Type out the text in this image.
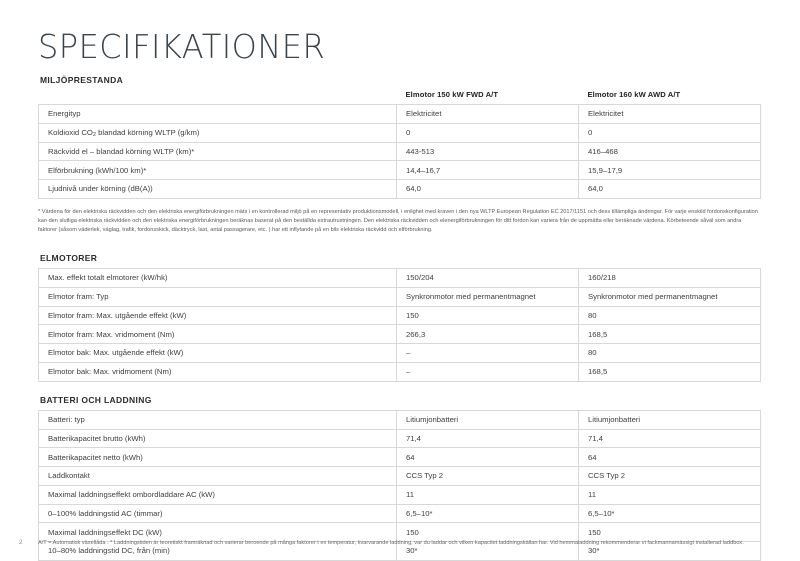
SPECIFIKATIONER
MILJÖPRESTANDA
	Elmotor 150 kW FWD A/T	Elmotor 160 kW AWD A/T
Energityp	Elektricitet	Elektricitet
Koldioxid $CO_2$ blandad körning WLTP (g/km)	0	0
Räckvidd el – blandad körning WLTP (km)*	443-513	416–468
Elförbrukning (kWh/100 km)*	14,4–16,7	15,9–17,9
Ljudnivå under körning (dB(A))	64,0	64,0
* Värdena för den elektriska räckvidden och den elektriska energiförbrukningen mäts i en kontrollerad miljö på en representativ produktionsmodell, i enlighet med kraven i den nya WLTP European Regulation EC 2017/1151 och dess tillämpliga ändringar. För varje enskild fordonskonfiguration kan den slutliga elektriska räckvidden och den elektriska energiförbrukningen beräknas baserat på den beställda extrautrustningen. Den elektriska räckvidden och elenergiförbrukningen för ditt fordon kan variera från de uppmätta eller beräknade värdena. Körbeteende såväl som andra faktorer (såsom väderlek, väglag, trafik, fordonsskick, däcktryck, last, antal passagerare, etc. ) har ett inflytande på en bils elektriska räckvidd och elförbrukning.
ELMOTORER
Max. effekt totalt elmotorer (kW/hk)	150/204	160/218
Elmotor fram: Typ	Synkronmotor med permanentmagnet	Synkronmotor med permanentmagnet
Elmotor fram: Max. utgående effekt (kW)	150	80
Elmotor fram: Max. vridmoment (Nm)	266,3	168,5
Elmotor bak: Max. utgående effekt (kW)	–	80
Elmotor bak: Max. vridmoment (Nm)	–	168,5
BATTERI OCH LADDNING
Batteri: typ	Litiumjonbatteri	Litiumjonbatteri
Batterikapacitet brutto (kWh)	71,4	71,4
Batterikapacitet netto (kWh)	64	64
Laddkontakt	CCS Typ 2	CCS Typ 2
Maximal laddningseffekt ombordladdare AC (kW)	11	11
0–100% laddningstid AC (timmar)	6,5–10*	6,5–10*
Maximal laddningseffekt DC (kW)	150	150
10–80% laddningstid DC, från (min)	30*	30*
2	A/T = Automatisk växellåda . * Laddningstiden är teoretiskt framräknad och varierar beroende på många faktorer t ex temperatur, kvarvarande laddning, var du laddar och vilken kapacitet laddningskällan har. Vid hemmaladdning rekommenderar vi fackmannamässigt installerad laddbox.
